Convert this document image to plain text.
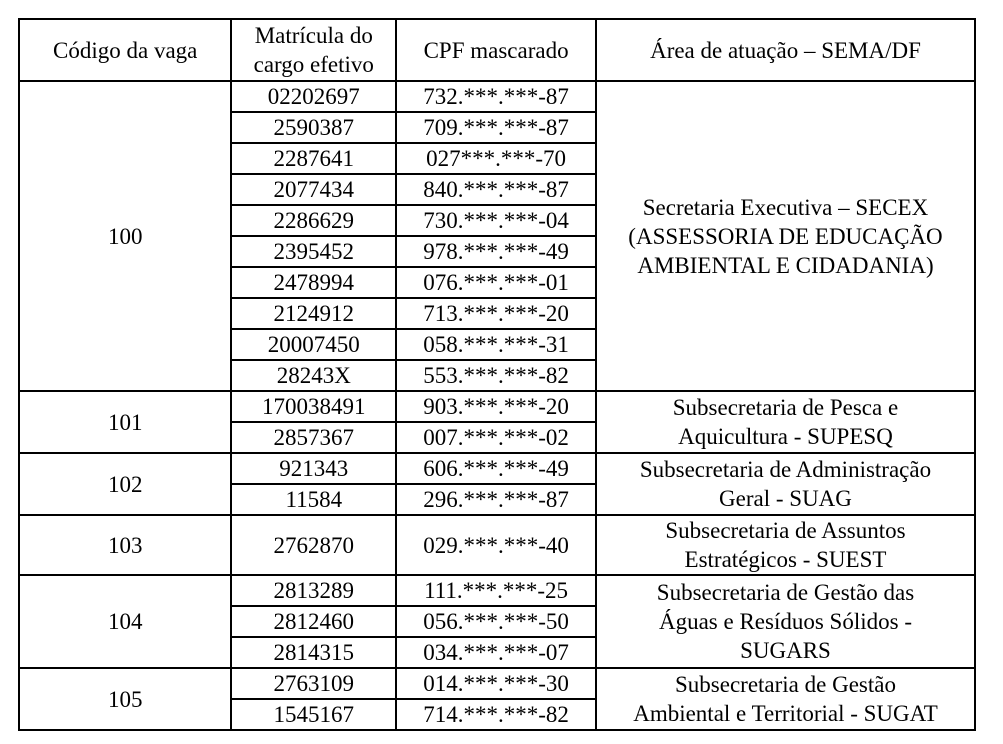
Código da vaga	Matrícula do cargo efetivo	CPF mascarado	Área de atuação – SEMA/DF
100	02202697	732.***.***-87	Secretaria Executiva – SECEX
(ASSESSORIA DE EDUCAÇÃO
AMBIENTAL E CIDADANIA)
	2590387	709.***.***-87	
	2287641	027***.***-70	
	2077434	840.***.***-87	
	2286629	730.***.***-04	
	2395452	978.***.***-49	
	2478994	076.***.***-01	
	2124912	713.***.***-20	
	20007450	058.***.***-31	
	28243X	553.***.***-82	
101	170038491	903.***.***-20	Subsecretaria de Pesca e
Aquicultura - SUPESQ
	2857367	007.***.***-02	
102	921343	606.***.***-49	Subsecretaria de Administração
Geral - SUAG
	11584	296.***.***-87	
103	2762870	029.***.***-40	Subsecretaria de Assuntos
Estratégicos - SUEST
104	2813289	111.***.***-25	Subsecretaria de Gestão das
Águas e Resíduos Sólidos -
SUGARS
	2812460	056.***.***-50	
	2814315	034.***.***-07	
105	2763109	014.***.***-30	Subsecretaria de Gestão
Ambiental e Territorial - SUGAT
	1545167	714.***.***-82	
